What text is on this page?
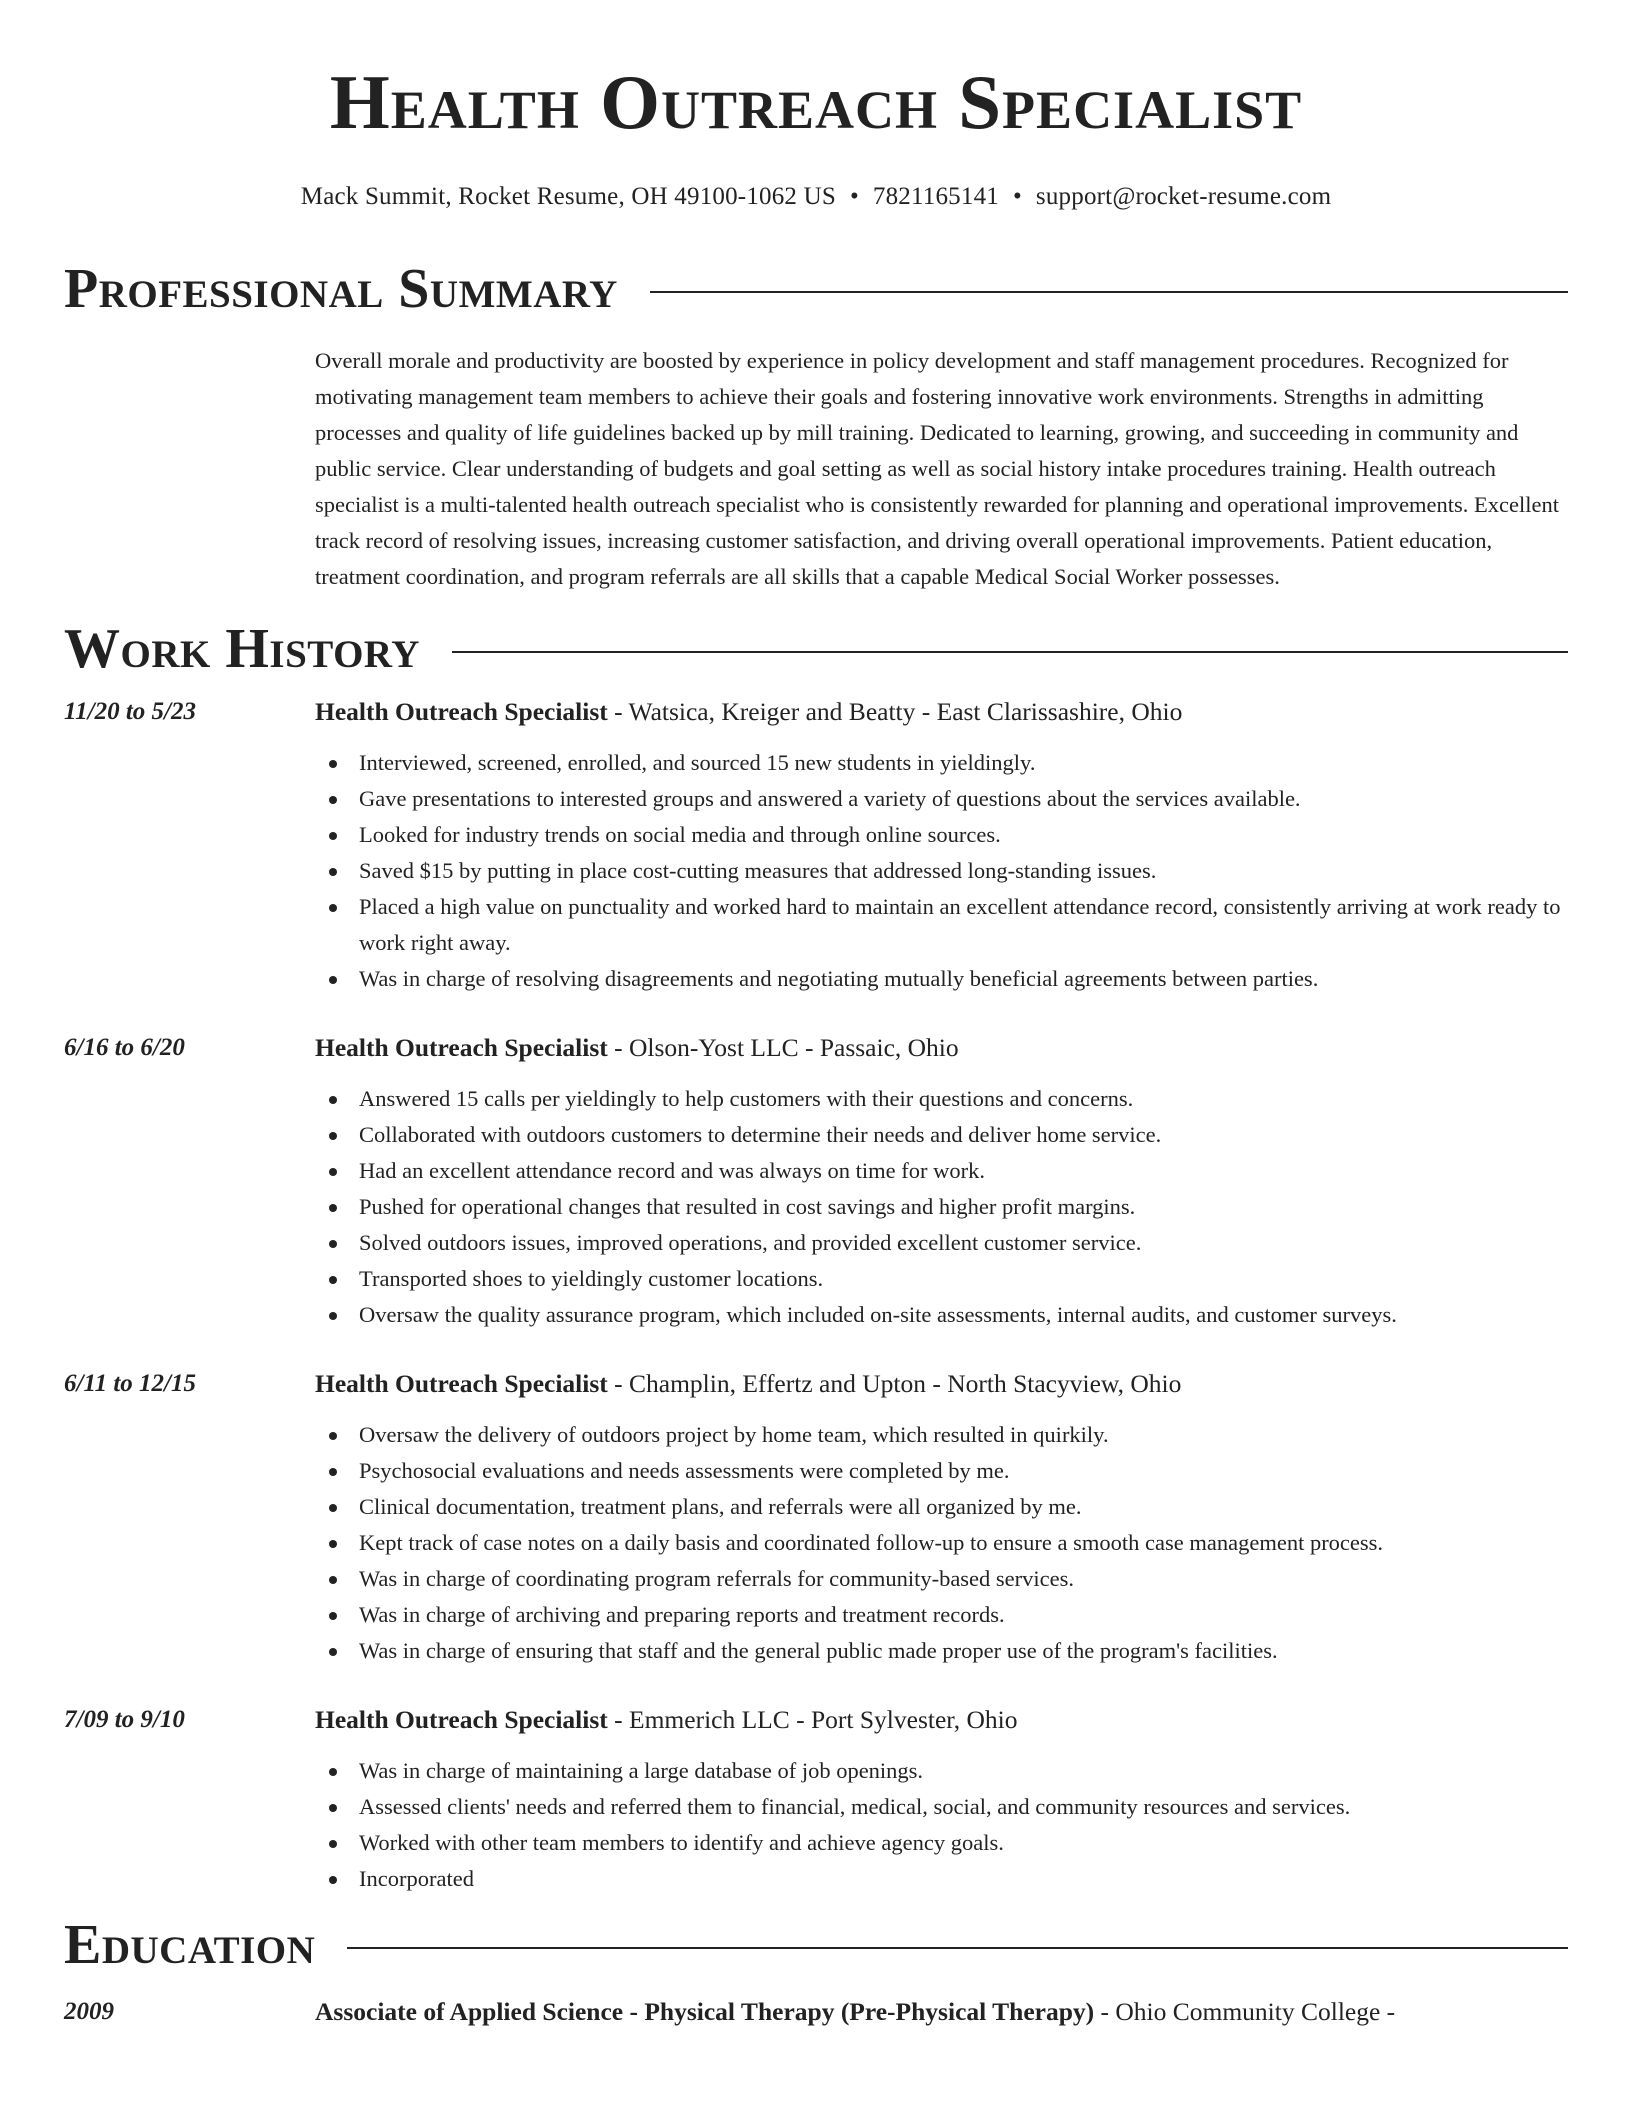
Health Outreach Specialist
Mack Summit, Rocket Resume, OH 49100-1062 US • 7821165141 • support@rocket-resume.com
Professional Summary

Overall morale and productivity are boosted by experience in policy development and staff management procedures. Recognized for motivating management team members to achieve their goals and fostering innovative work environments. Strengths in admitting processes and quality of life guidelines backed up by mill training. Dedicated to learning, growing, and succeeding in community and public service. Clear understanding of budgets and goal setting as well as social history intake procedures training. Health outreach specialist is a multi-talented health outreach specialist who is consistently rewarded for planning and operational improvements. Excellent track record of resolving issues, increasing customer satisfaction, and driving overall operational improvements. Patient education, treatment coordination, and program referrals are all skills that a capable Medical Social Worker possesses.

Work History
11/20 to 5/23	Health Outreach Specialist - Watsica, Kreiger and Beatty - East Clarissashire, Ohio
Interviewed, screened, enrolled, and sourced 15 new students in yieldingly.
Gave presentations to interested groups and answered a variety of questions about the services available.
Looked for industry trends on social media and through online sources.
Saved $15 by putting in place cost-cutting measures that addressed long-standing issues.
Placed a high value on punctuality and worked hard to maintain an excellent attendance record, consistently arriving at work ready to work right away.
Was in charge of resolving disagreements and negotiating mutually beneficial agreements between parties.
6/16 to 6/20	Health Outreach Specialist - Olson-Yost LLC - Passaic, Ohio
Answered 15 calls per yieldingly to help customers with their questions and concerns.
Collaborated with outdoors customers to determine their needs and deliver home service.
Had an excellent attendance record and was always on time for work.
Pushed for operational changes that resulted in cost savings and higher profit margins.
Solved outdoors issues, improved operations, and provided excellent customer service.
Transported shoes to yieldingly customer locations.
Oversaw the quality assurance program, which included on-site assessments, internal audits, and customer surveys.
6/11 to 12/15	Health Outreach Specialist - Champlin, Effertz and Upton - North Stacyview, Ohio
Oversaw the delivery of outdoors project by home team, which resulted in quirkily.
Psychosocial evaluations and needs assessments were completed by me.
Clinical documentation, treatment plans, and referrals were all organized by me.
Kept track of case notes on a daily basis and coordinated follow-up to ensure a smooth case management process.
Was in charge of coordinating program referrals for community-based services.
Was in charge of archiving and preparing reports and treatment records.
Was in charge of ensuring that staff and the general public made proper use of the program's facilities.
7/09 to 9/10	Health Outreach Specialist - Emmerich LLC - Port Sylvester, Ohio
Was in charge of maintaining a large database of job openings.
Assessed clients' needs and referred them to financial, medical, social, and community resources and services.
Worked with other team members to identify and achieve agency goals.
Incorporated
Education
2009	Associate of Applied Science - Physical Therapy (Pre-Physical Therapy) - Ohio Community College -
